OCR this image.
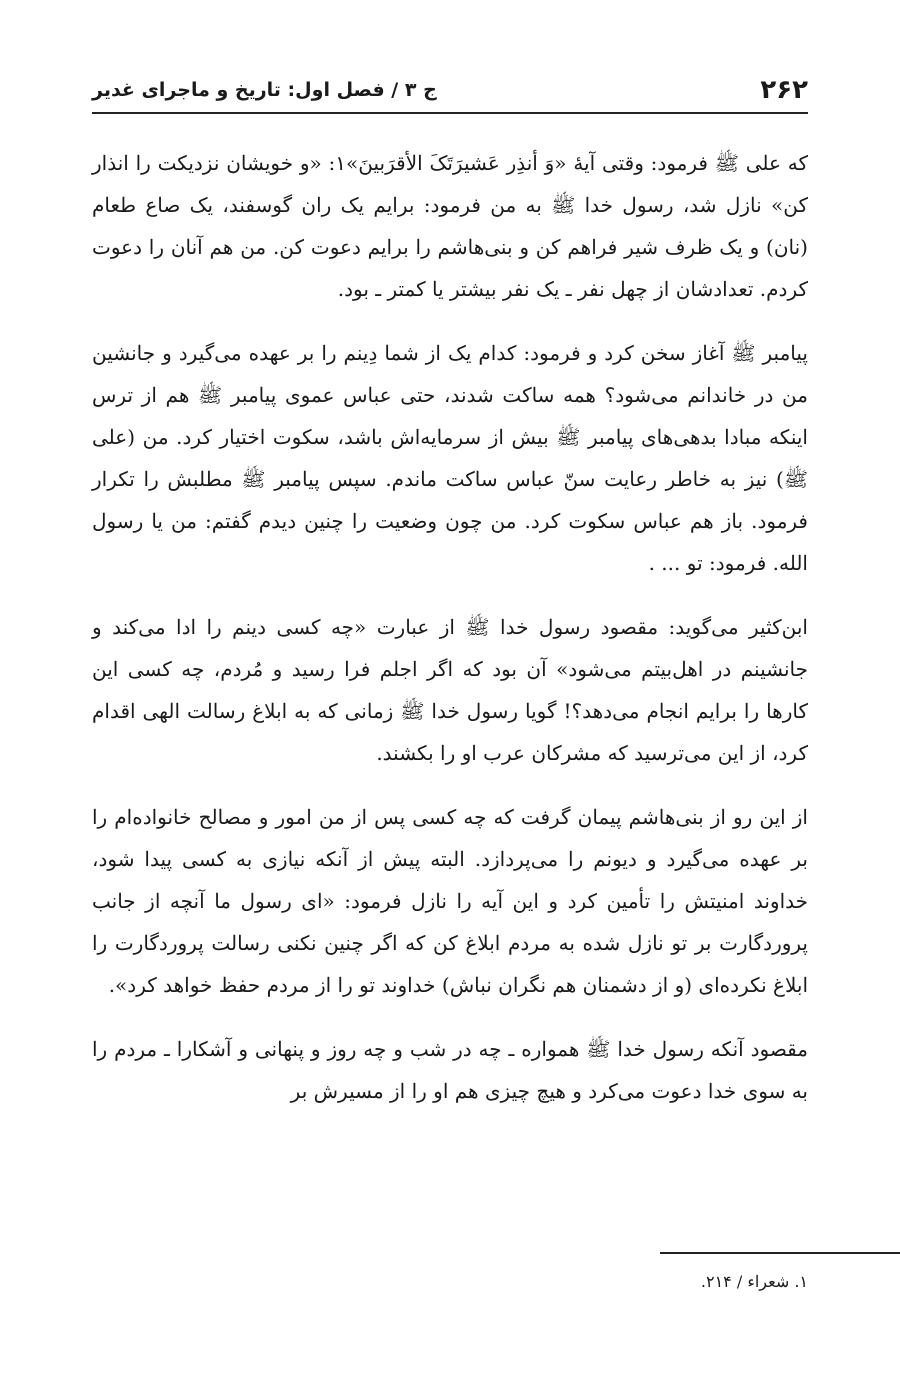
۲۶۲
ج ۳ / فصل اول: تاریخ و ماجرای غدیر

که علی ﷺ فرمود: وقتی آیهٔ «وَ أنذِر عَشیرَتَکَ الأقرَبینَ»۱: «و خویشان نزدیکت را انذار کن» نازل شد، رسول خدا ﷺ به من فرمود: برایم یک ران گوسفند، یک صاع طعام (نان) و یک ظرف شیر فراهم کن و بنی‌هاشم را برایم دعوت کن. من هم آنان را دعوت کردم. تعدادشان از چهل نفر ـ یک نفر بیشتر یا کمتر ـ بود.

پیامبر ﷺ آغاز سخن کرد و فرمود: کدام یک از شما دِینم را بر عهده می‌گیرد و جانشین من در خاندانم می‌شود؟ همه ساکت شدند، حتی عباس عموی پیامبر ﷺ هم از ترس اینکه مبادا بدهی‌های پیامبر ﷺ بیش از سرمایه‌اش باشد، سکوت اختیار کرد. من (علی ﷺ) نیز به خاطر رعایت سنّ عباس ساکت ماندم. سپس پیامبر ﷺ مطلبش را تکرار فرمود. باز هم عباس سکوت کرد. من چون وضعیت را چنین دیدم گفتم: من یا رسول الله. فرمود: تو ... .

ابن‌کثیر می‌گوید: مقصود رسول خدا ﷺ از عبارت «چه کسی دینم را ادا می‌کند و جانشینم در اهل‌بیتم می‌شود» آن بود که اگر اجلم فرا رسید و مُردم، چه کسی این کارها را برایم انجام می‌دهد؟! گویا رسول خدا ﷺ زمانی که به ابلاغ رسالت الهی اقدام کرد، از این می‌ترسید که مشرکان عرب او را بکشند.

از این رو از بنی‌هاشم پیمان گرفت که چه کسی پس از من امور و مصالح خانواده‌ام را بر عهده می‌گیرد و دیونم را می‌پردازد. البته پیش از آنکه نیازی به کسی پیدا شود، خداوند امنیتش را تأمین کرد و این آیه را نازل فرمود: «ای رسول ما آنچه از جانب پروردگارت بر تو نازل شده به مردم ابلاغ کن که اگر چنین نکنی رسالت پروردگارت را ابلاغ نکرده‌ای (و از دشمنان هم نگران نباش) خداوند تو را از مردم حفظ خواهد کرد».

مقصود آنکه رسول خدا ﷺ همواره ـ چه در شب و چه روز و پنهانی و آشکارا ـ مردم را به سوی خدا دعوت می‌کرد و هیچ چیزی هم او را از مسیرش بر

۱. شعراء / ۲۱۴.
